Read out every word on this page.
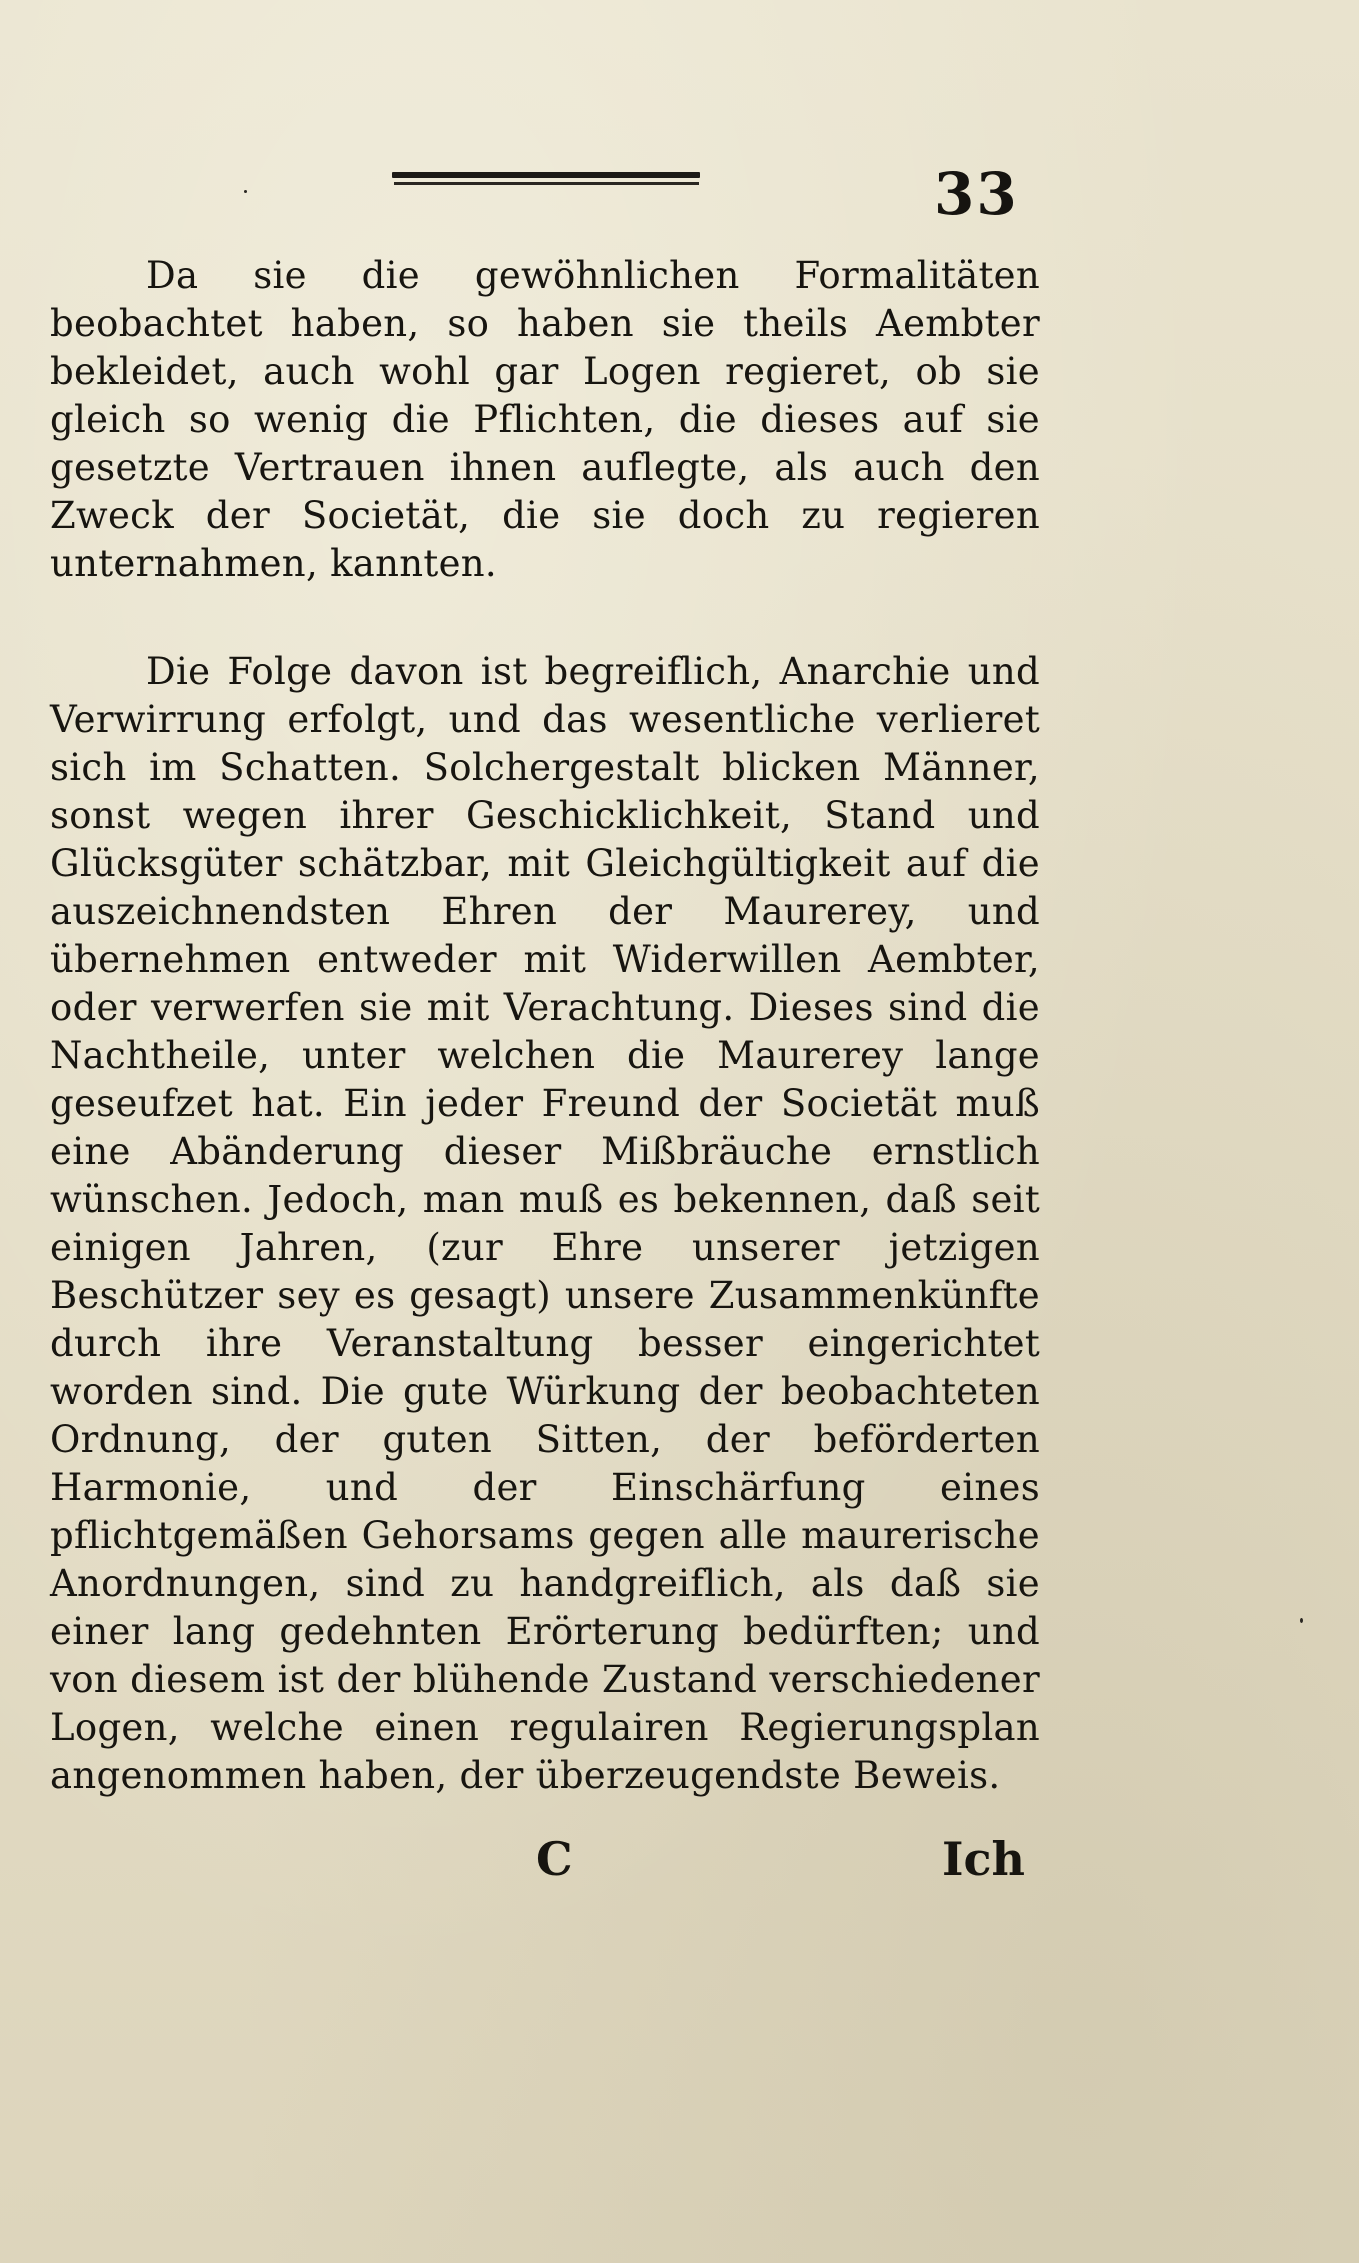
33

Da sie die gewöhnlichen Formalitäten beobachtet haben, so haben sie theils Aembter bekleidet, auch wohl gar Logen regieret, ob sie gleich so wenig die Pflichten, die dieses auf sie gesetzte Vertrauen ihnen auflegte, als auch den Zweck der Societät, die sie doch zu regieren unternahmen, kannten.

Die Folge davon ist begreiflich, Anarchie und Verwirrung erfolgt, und das wesentliche verlieret sich im Schatten. Solchergestalt blicken Männer, sonst wegen ihrer Geschicklichkeit, Stand und Glücksgüter schätzbar, mit Gleichgültigkeit auf die auszeichnendsten Ehren der Maurerey, und übernehmen entweder mit Widerwillen Aembter, oder verwerfen sie mit Verachtung. Dieses sind die Nachtheile, unter welchen die Maurerey lange geseufzet hat. Ein jeder Freund der Societät muß eine Abänderung dieser Mißbräuche ernstlich wünschen. Jedoch, man muß es bekennen, daß seit einigen Jahren, (zur Ehre unserer jetzigen Beschützer sey es gesagt) unsere Zusammenkünfte durch ihre Veranstaltung besser eingerichtet worden sind. Die gute Würkung der beobachteten Ordnung, der guten Sitten, der beförderten Harmonie, und der Einschärfung eines pflichtgemäßen Gehorsams gegen alle maurerische Anordnungen, sind zu handgreiflich, als daß sie einer lang gedehnten Erörterung bedürften; und von diesem ist der blühende Zustand verschiedener Logen, welche einen regulairen Regierungsplan angenommen haben, der überzeugendste Beweis.

C	Ich
